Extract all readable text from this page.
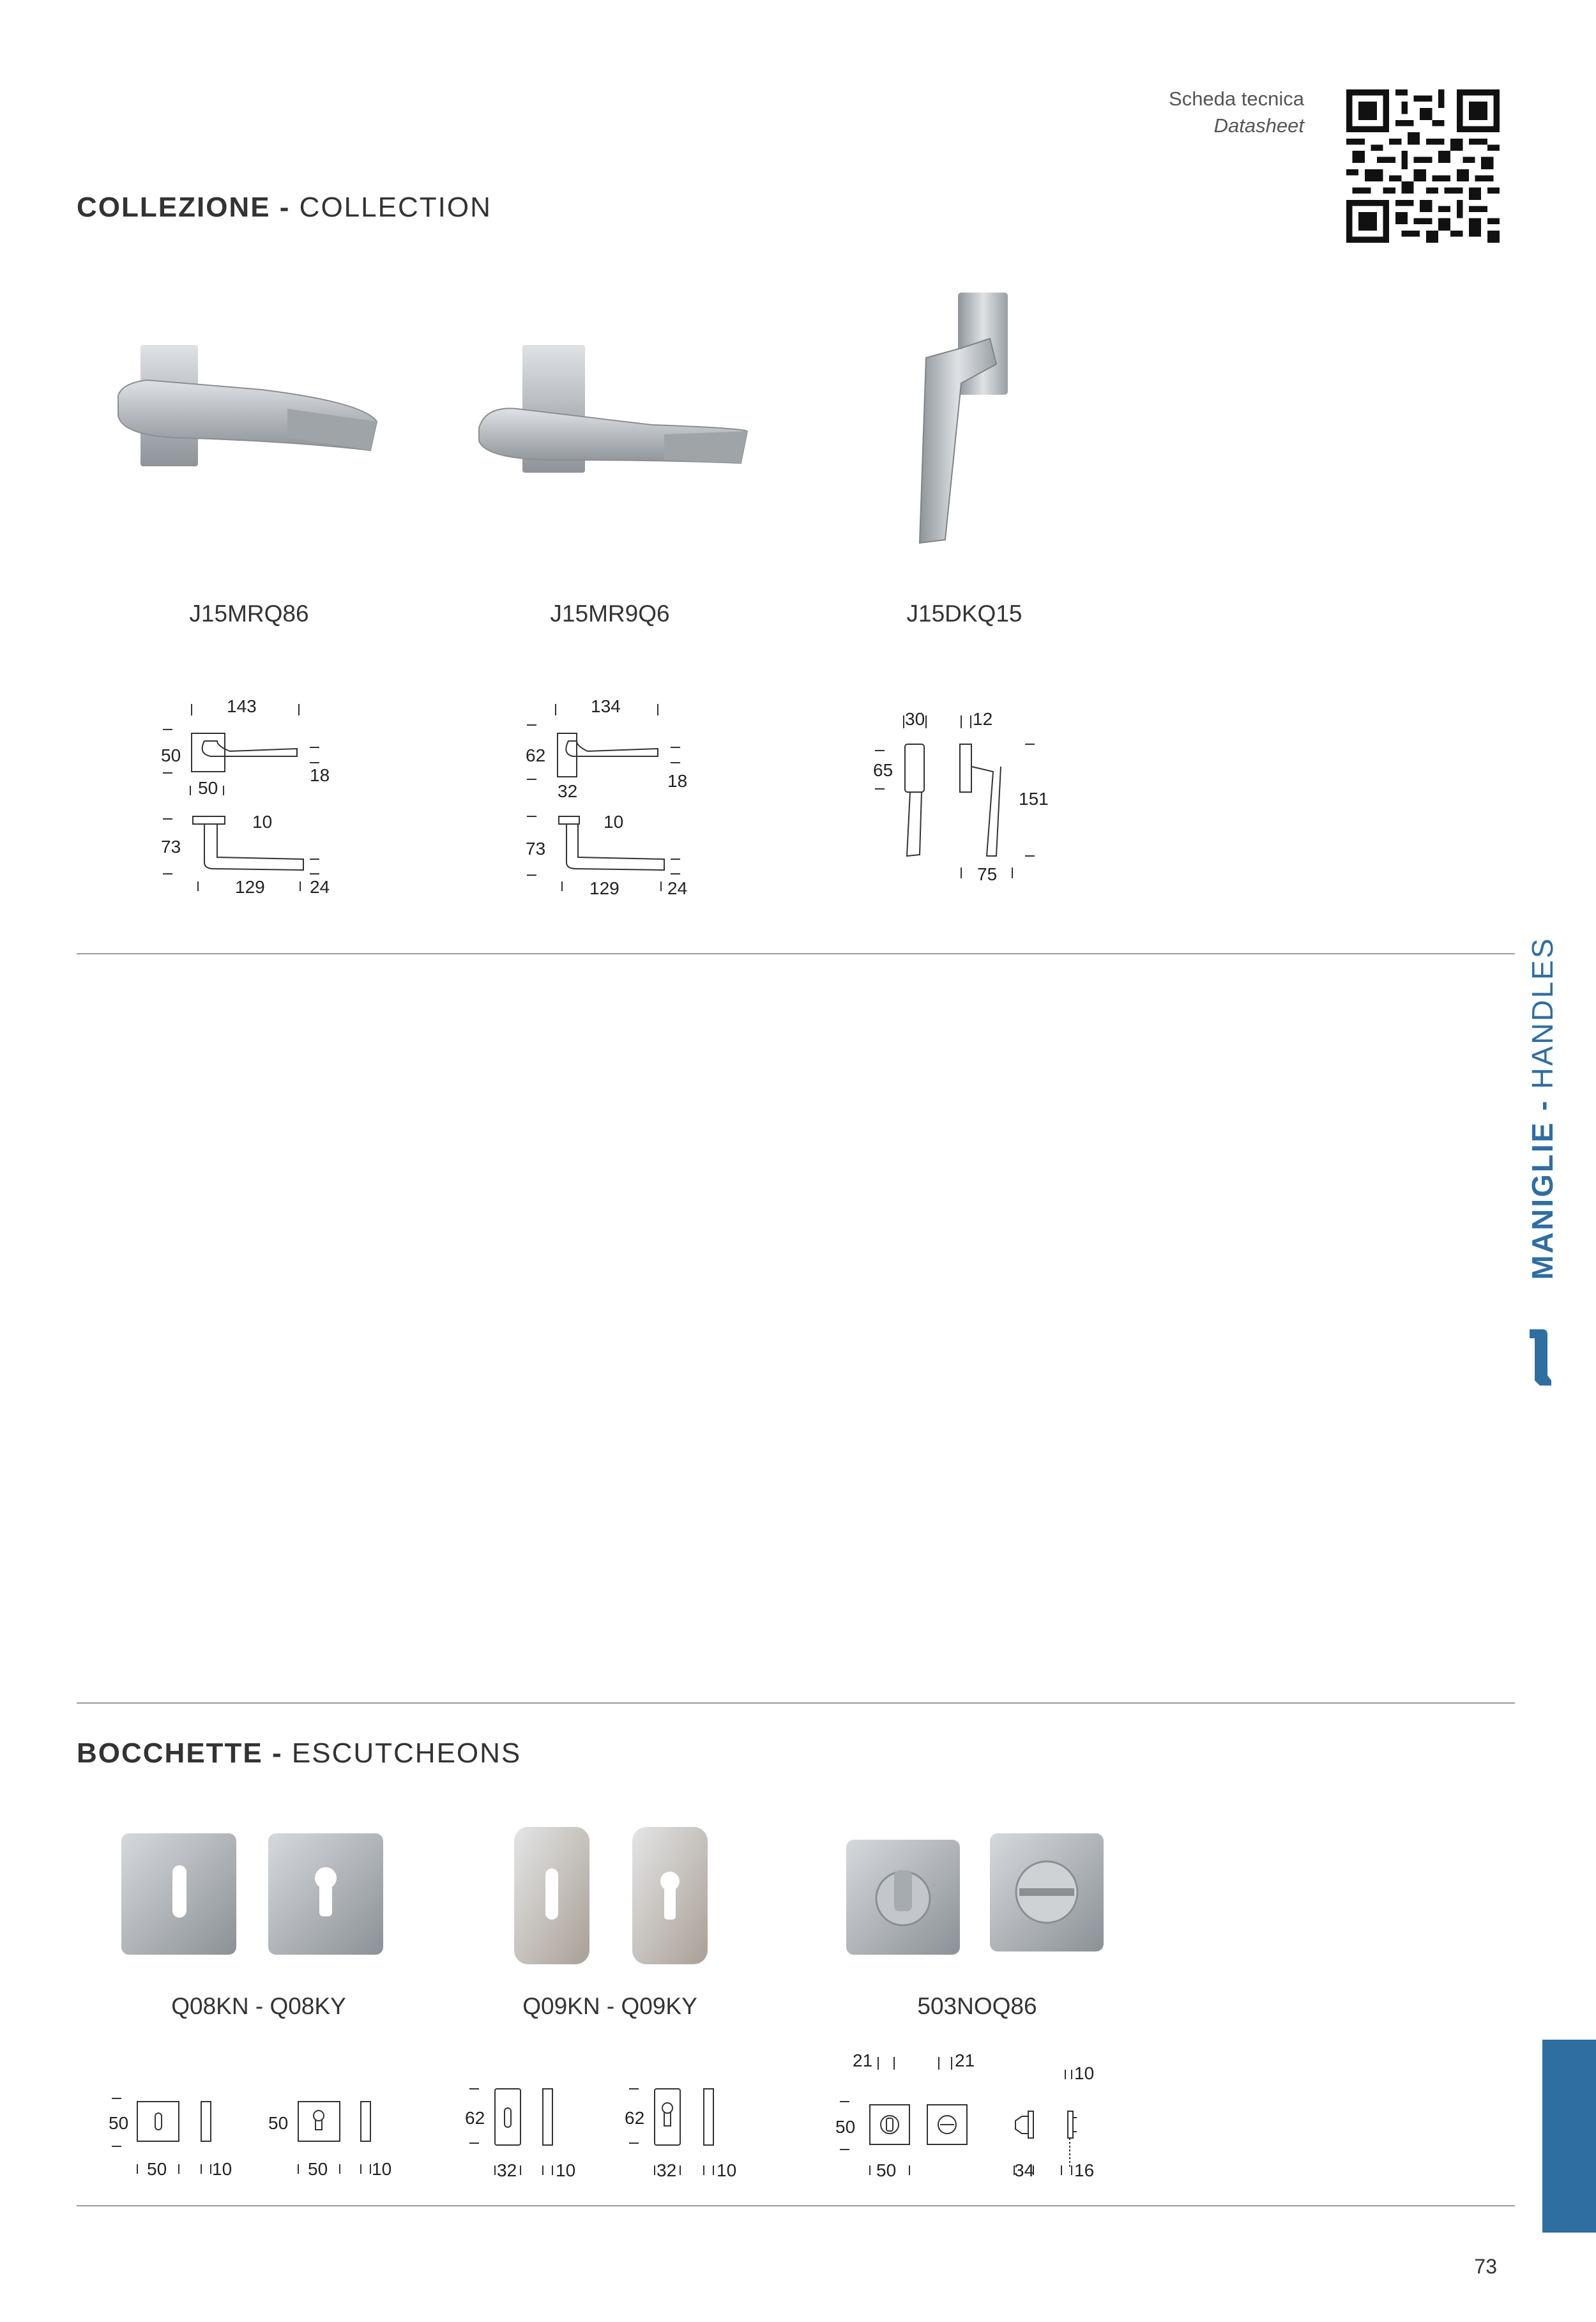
Scheda tecnica
Datasheet
COLLEZIONE - COLLECTION
J15MRQ86	J15MR9Q6	J15DKQ15
143
50
50
18
10
73
129	24
134
62
32
18
10
73
129	24
30	12
65
151
75
MANIGLIE - HANDLES
BOCCHETTE - ESCUTCHEONS
Q08KN - Q08KY	Q09KN - Q09KY	503NOQ86
50
50	10
50
50 10
62
32 10
62
32 10
21	21
50
50
10
34 16
73
